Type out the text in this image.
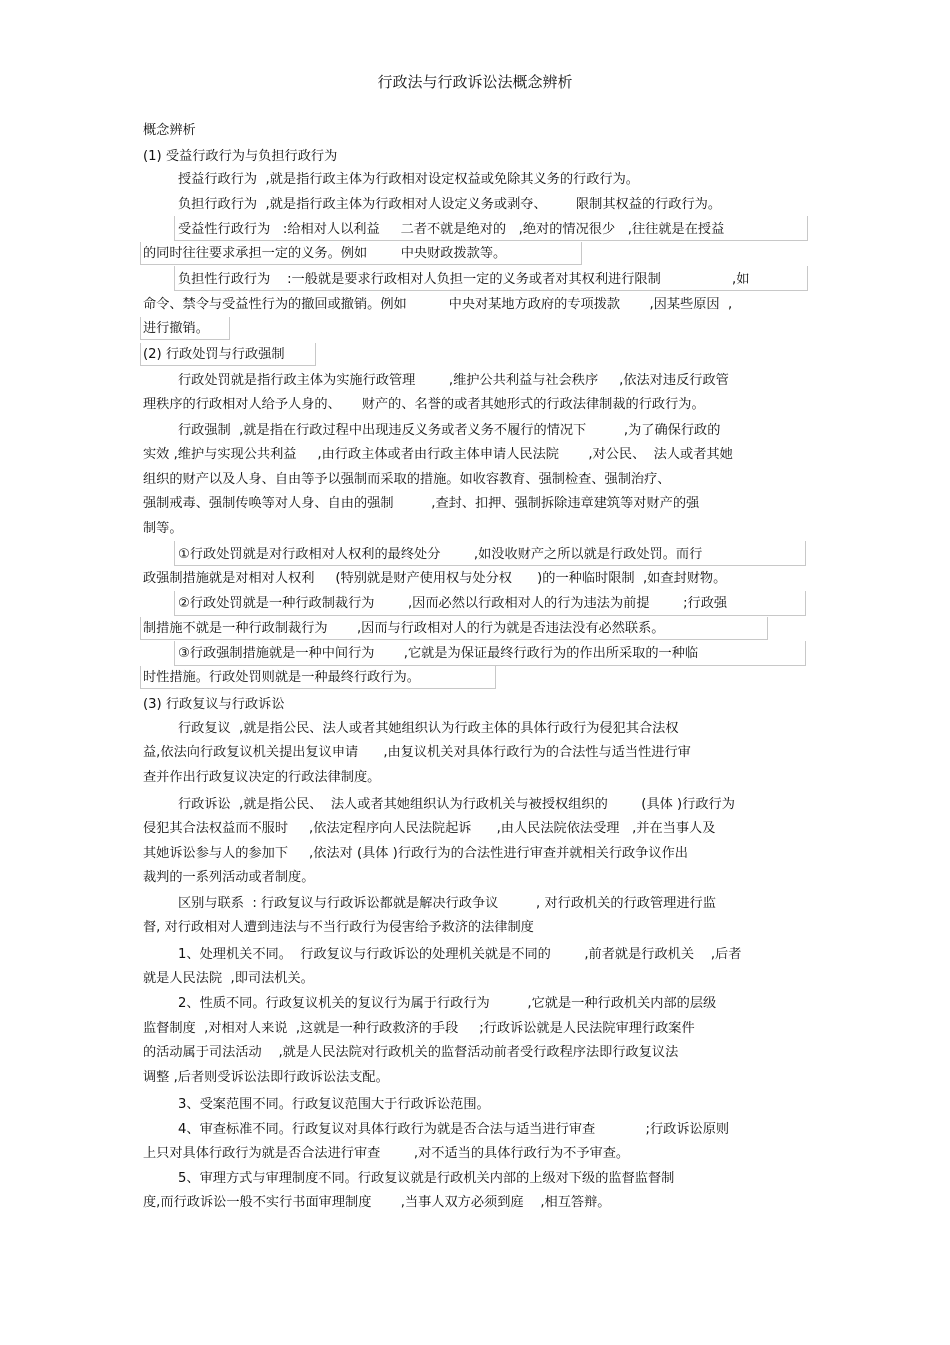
行政法与行政诉讼法概念辨析
概念辨析
(1) 受益行政行为与负担行政行为
授益行政行为  ,就是指行政主体为行政相对设定权益或免除其义务的行政行为。
负担行政行为  ,就是指行政主体为行政相对人设定义务或剥夺、       限制其权益的行政行为。
受益性行政行为   :给相对人以利益     二者不就是绝对的   ,绝对的情况很少   ,往往就是在授益
的同时往往要求承担一定的义务。例如        中央财政拨款等。
负担性行政行为    :一般就是要求行政相对人负担一定的义务或者对其权利进行限制                 ,如
命令、禁令与受益性行为的撤回或撤销。例如          中央对某地方政府的专项拨款       ,因某些原因  ,
进行撤销。
(2) 行政处罚与行政强制
行政处罚就是指行政主体为实施行政管理        ,维护公共利益与社会秩序     ,依法对违反行政管
理秩序的行政相对人给予人身的、     财产的、名誉的或者其她形式的行政法律制裁的行政行为。
行政强制  ,就是指在行政过程中出现违反义务或者义务不履行的情况下         ,为了确保行政的
实效 ,维护与实现公共利益     ,由行政主体或者由行政主体申请人民法院       ,对公民、  法人或者其她
组织的财产以及人身、自由等予以强制而采取的措施。如收容教育、强制检查、强制治疗、
强制戒毒、强制传唤等对人身、自由的强制         ,查封、扣押、强制拆除违章建筑等对财产的强
制等。
①行政处罚就是对行政相对人权利的最终处分        ,如没收财产之所以就是行政处罚。而行
政强制措施就是对相对人权利     (特别就是财产使用权与处分权      )的一种临时限制  ,如查封财物。
②行政处罚就是一种行政制裁行为        ,因而必然以行政相对人的行为违法为前提        ;行政强
制措施不就是一种行政制裁行为       ,因而与行政相对人的行为就是否违法没有必然联系。
③行政强制措施就是一种中间行为       ,它就是为保证最终行政行为的作出所采取的一种临
时性措施。行政处罚则就是一种最终行政行为。
(3) 行政复议与行政诉讼
行政复议  ,就是指公民、法人或者其她组织认为行政主体的具体行政行为侵犯其合法权
益,依法向行政复议机关提出复议申请      ,由复议机关对具体行政行为的合法性与适当性进行审
查并作出行政复议决定的行政法律制度。
行政诉讼  ,就是指公民、  法人或者其她组织认为行政机关与被授权组织的        (具体 )行政行为
侵犯其合法权益而不服时     ,依法定程序向人民法院起诉      ,由人民法院依法受理   ,并在当事人及
其她诉讼参与人的参加下     ,依法对 (具体 )行政行为的合法性进行审查并就相关行政争议作出
裁判的一系列活动或者制度。
区别与联系  : 行政复议与行政诉讼都就是解决行政争议         , 对行政机关的行政管理进行监
督, 对行政相对人遭到违法与不当行政行为侵害给予救济的法律制度
1、处理机关不同。  行政复议与行政诉讼的处理机关就是不同的        ,前者就是行政机关    ,后者
就是人民法院  ,即司法机关。
2、性质不同。行政复议机关的复议行为属于行政行为         ,它就是一种行政机关内部的层级
监督制度  ,对相对人来说  ,这就是一种行政救济的手段     ;行政诉讼就是人民法院审理行政案件
的活动属于司法活动    ,就是人民法院对行政机关的监督活动前者受行政程序法即行政复议法
调整 ,后者则受诉讼法即行政诉讼法支配。
3、受案范围不同。行政复议范围大于行政诉讼范围。
4、审查标准不同。行政复议对具体行政行为就是否合法与适当进行审查            ;行政诉讼原则
上只对具体行政行为就是否合法进行审查        ,对不适当的具体行政行为不予审查。
5、审理方式与审理制度不同。行政复议就是行政机关内部的上级对下级的监督监督制
度,而行政诉讼一般不实行书面审理制度       ,当事人双方必须到庭    ,相互答辩。
